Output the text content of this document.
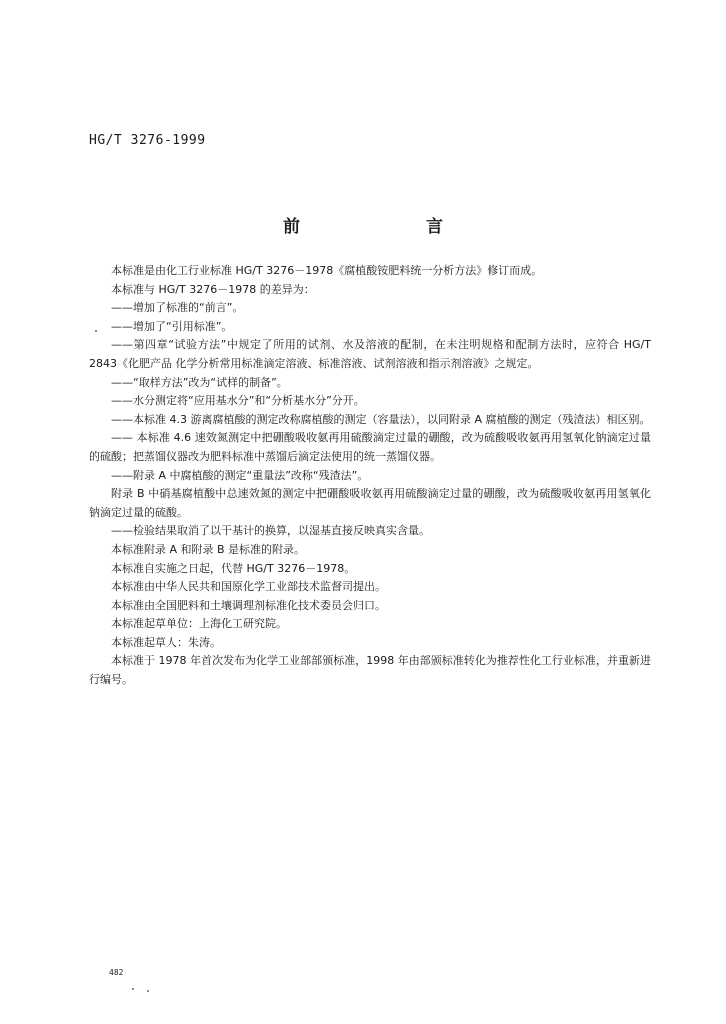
HG/T 3276-1999
前 言

本标准是由化工行业标准 HG/T 3276－1978《腐植酸铵肥料统一分析方法》修订而成。

本标准与 HG/T 3276－1978 的差异为：

——增加了标准的“前言”。

——增加了“引用标准”。

——第四章“试验方法”中规定了所用的试剂、水及溶液的配制，在未注明规格和配制方法时，应符合 HG/T 2843《化肥产品 化学分析常用标准滴定溶液、标准溶液、试剂溶液和指示剂溶液》之规定。

——“取样方法”改为“试样的制备”。

——水分测定将“应用基水分”和“分析基水分”分开。

——本标准 4.3 游离腐植酸的测定改称腐植酸的测定（容量法），以同附录 A 腐植酸的测定（残渣法）相区别。

—— 本标准 4.6 速效氮测定中把硼酸吸收氨再用硫酸滴定过量的硼酸，改为硫酸吸收氨再用氢氧化钠滴定过量的硫酸；把蒸馏仪器改为肥料标准中蒸馏后滴定法使用的统一蒸馏仪器。

——附录 A 中腐植酸的测定“重量法”改称“残渣法”。

附录 B 中硝基腐植酸中总速效氮的测定中把硼酸吸收氨再用硫酸滴定过量的硼酸，改为硫酸吸收氨再用氢氧化钠滴定过量的硫酸。

——检验结果取消了以干基计的换算，以湿基直接反映真实含量。

本标准附录 A 和附录 B 是标准的附录。

本标准自实施之日起，代替 HG/T 3276－1978。

本标准由中华人民共和国原化学工业部技术监督司提出。

本标准由全国肥料和土壤调理剂标准化技术委员会归口。

本标准起草单位：上海化工研究院。

本标准起草人：朱涛。

本标准于 1978 年首次发布为化学工业部部颁标准，1998 年由部颁标准转化为推荐性化工行业标准，并重新进行编号。

482
